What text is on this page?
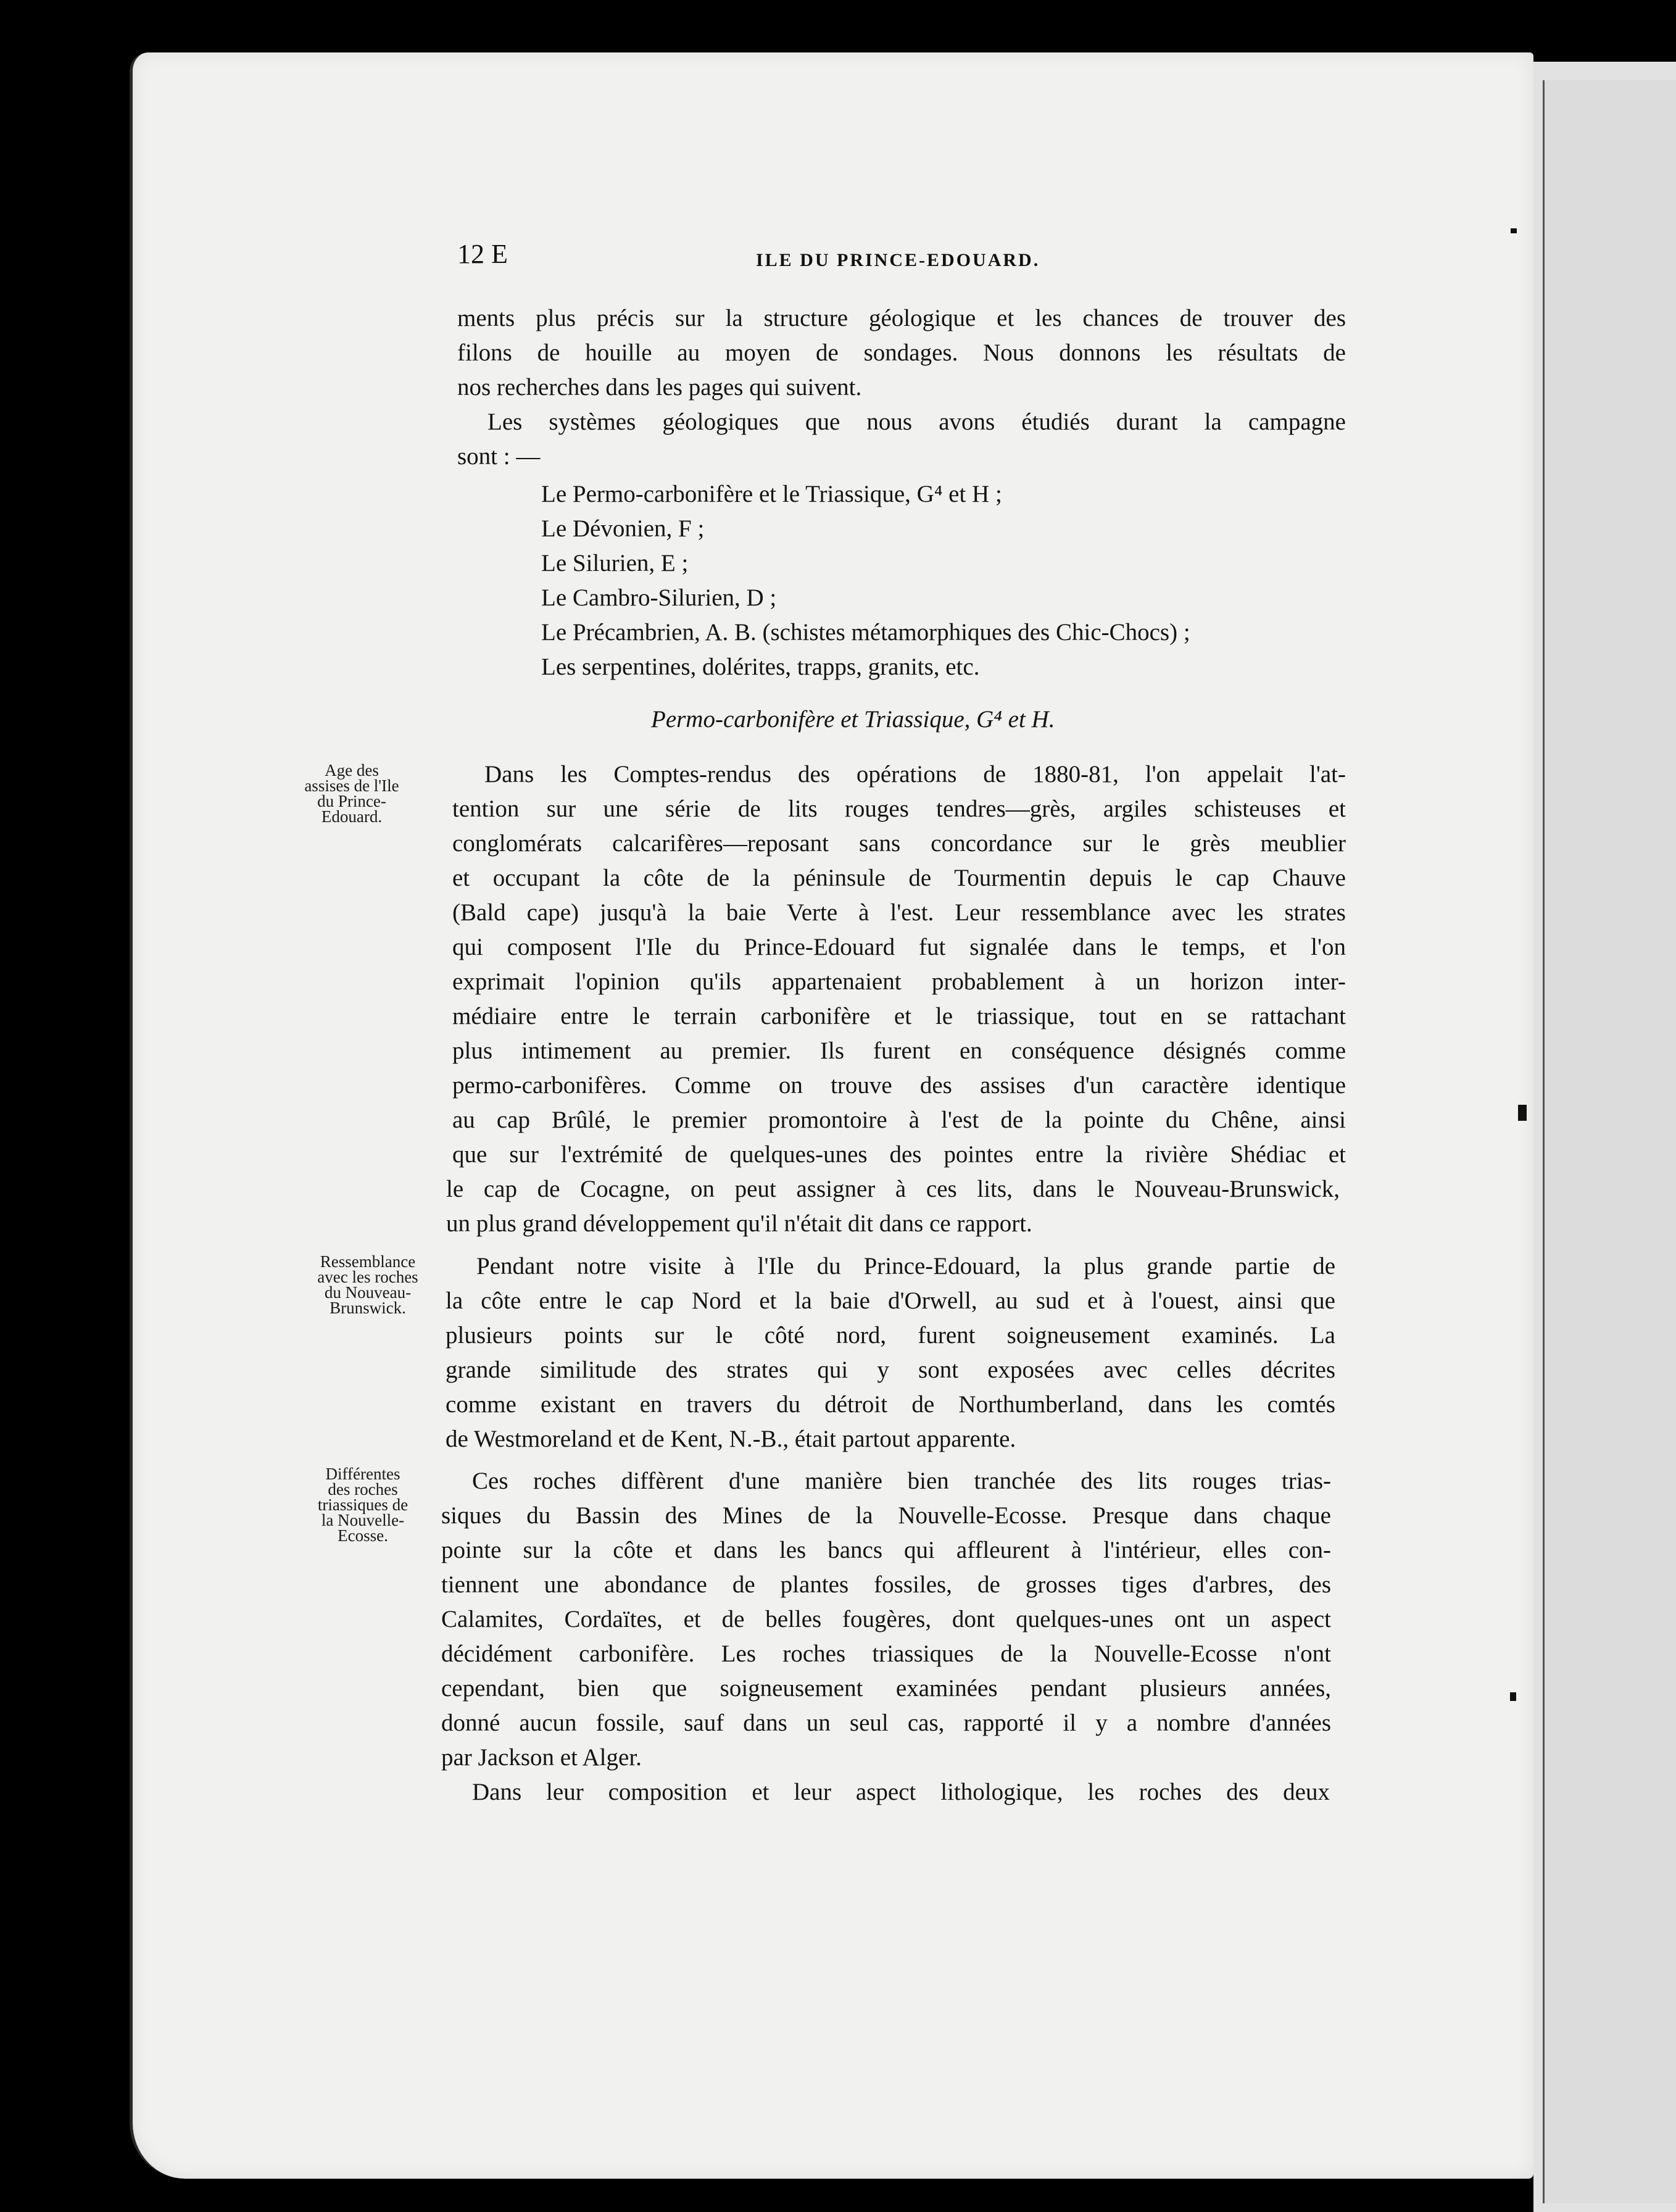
12 E	ILE DU PRINCE-EDOUARD.
ments plus précis sur la structure géologique et les chances de trouver des
filons de houille au moyen de sondages. Nous donnons les résultats de
nos recherches dans les pages qui suivent.
Les systèmes géologiques que nous avons étudiés durant la campagne
sont : —
Le Permo-carbonifère et le Triassique, G⁴ et H ;
Le Dévonien, F ;
Le Silurien, E ;
Le Cambro-Silurien, D ;
Le Précambrien, A. B. (schistes métamorphiques des Chic-Chocs) ;
Les serpentines, dolérites, trapps, granits, etc.
Permo-carbonifère et Triassique, G⁴ et H.
Age des
assises de l'Ile
du Prince-
Edouard.
Ressemblance
avec les roches
du Nouveau-
Brunswick.
Différentes
des roches
triassiques de
la Nouvelle-
Ecosse.
Dans les Comptes-rendus des opérations de 1880-81, l'on appelait l'at-
tention sur une série de lits rouges tendres—grès, argiles schisteuses et
conglomérats calcarifères—reposant sans concordance sur le grès meublier
et occupant la côte de la péninsule de Tourmentin depuis le cap Chauve
(Bald cape) jusqu'à la baie Verte à l'est. Leur ressemblance avec les strates
qui composent l'Ile du Prince-Edouard fut signalée dans le temps, et l'on
exprimait l'opinion qu'ils appartenaient probablement à un horizon inter-
médiaire entre le terrain carbonifère et le triassique, tout en se rattachant
plus intimement au premier. Ils furent en conséquence désignés comme
permo-carbonifères. Comme on trouve des assises d'un caractère identique
au cap Brûlé, le premier promontoire à l'est de la pointe du Chêne, ainsi
que sur l'extrémité de quelques-unes des pointes entre la rivière Shédiac et
le cap de Cocagne, on peut assigner à ces lits, dans le Nouveau-Brunswick,
un plus grand développement qu'il n'était dit dans ce rapport.
Pendant notre visite à l'Ile du Prince-Edouard, la plus grande partie de
la côte entre le cap Nord et la baie d'Orwell, au sud et à l'ouest, ainsi que
plusieurs points sur le côté nord, furent soigneusement examinés. La
grande similitude des strates qui y sont exposées avec celles décrites
comme existant en travers du détroit de Northumberland, dans les comtés
de Westmoreland et de Kent, N.-B., était partout apparente.
Ces roches diffèrent d'une manière bien tranchée des lits rouges trias-
siques du Bassin des Mines de la Nouvelle-Ecosse. Presque dans chaque
pointe sur la côte et dans les bancs qui affleurent à l'intérieur, elles con-
tiennent une abondance de plantes fossiles, de grosses tiges d'arbres, des
Calamites, Cordaïtes, et de belles fougères, dont quelques-unes ont un aspect
décidément carbonifère. Les roches triassiques de la Nouvelle-Ecosse n'ont
cependant, bien que soigneusement examinées pendant plusieurs années,
donné aucun fossile, sauf dans un seul cas, rapporté il y a nombre d'années
par Jackson et Alger.
Dans leur composition et leur aspect lithologique, les roches des deux
